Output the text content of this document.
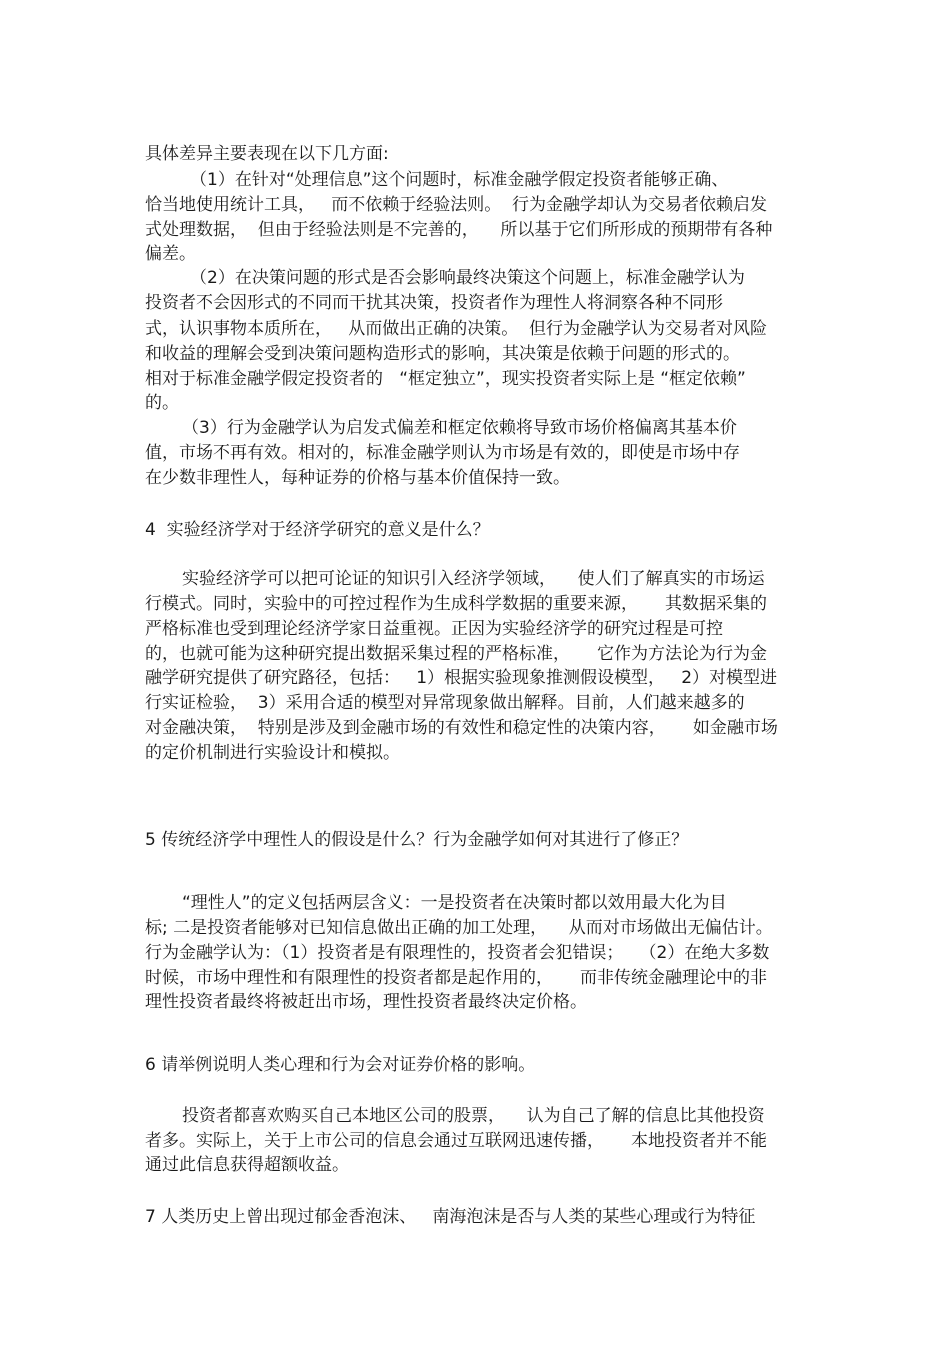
具体差异主要表现在以下几方面:

（1）在针对“处理信息”这个问题时，标准金融学假定投资者能够正确、

恰当地使用统计工具，   而不依赖于经验法则。  行为金融学却认为交易者依赖启发

式处理数据，  但由于经验法则是不完善的，    所以基于它们所形成的预期带有各种

偏差。

（2）在决策问题的形式是否会影响最终决策这个问题上，标准金融学认为

投资者不会因形式的不同而干扰其决策，投资者作为理性人将洞察各种不同形

式，认识事物本质所在，   从而做出正确的决策。  但行为金融学认为交易者对风险

和收益的理解会受到决策问题构造形式的影响，其决策是依赖于问题的形式的。

相对于标准金融学假定投资者的   “框定独立”，现实投资者实际上是 “框定依赖”

的。

（3）行为金融学认为启发式偏差和框定依赖将导致市场价格偏离其基本价

值，市场不再有效。相对的，标准金融学则认为市场是有效的，即使是市场中存

在少数非理性人，每种证券的价格与基本价值保持一致。

4  实验经济学对于经济学研究的意义是什么？

实验经济学可以把可论证的知识引入经济学领域，    使人们了解真实的市场运

行模式。同时，实验中的可控过程作为生成科学数据的重要来源，     其数据采集的

严格标准也受到理论经济学家日益重视。正因为实验经济学的研究过程是可控

的，也就可能为这种研究提出数据采集过程的严格标准，     它作为方法论为行为金

融学研究提供了研究路径，包括：   1）根据实验现象推测假设模型，   2）对模型进

行实证检验，  3）采用合适的模型对异常现象做出解释。目前，人们越来越多的

对金融决策，  特别是涉及到金融市场的有效性和稳定性的决策内容，     如金融市场

的定价机制进行实验设计和模拟。

5 传统经济学中理性人的假设是什么？行为金融学如何对其进行了修正？

“理性人”的定义包括两层含义：一是投资者在决策时都以效用最大化为目

标; 二是投资者能够对已知信息做出正确的加工处理，    从而对市场做出无偏估计。

行为金融学认为：（1）投资者是有限理性的，投资者会犯错误；   （2）在绝大多数

时候，市场中理性和有限理性的投资者都是起作用的，     而非传统金融理论中的非

理性投资者最终将被赶出市场，理性投资者最终决定价格。

6 请举例说明人类心理和行为会对证券价格的影响。

投资者都喜欢购买自己本地区公司的股票，    认为自己了解的信息比其他投资

者多。实际上，关于上市公司的信息会通过互联网迅速传播，     本地投资者并不能

通过此信息获得超额收益。

7 人类历史上曾出现过郁金香泡沫、   南海泡沫是否与人类的某些心理或行为特征
